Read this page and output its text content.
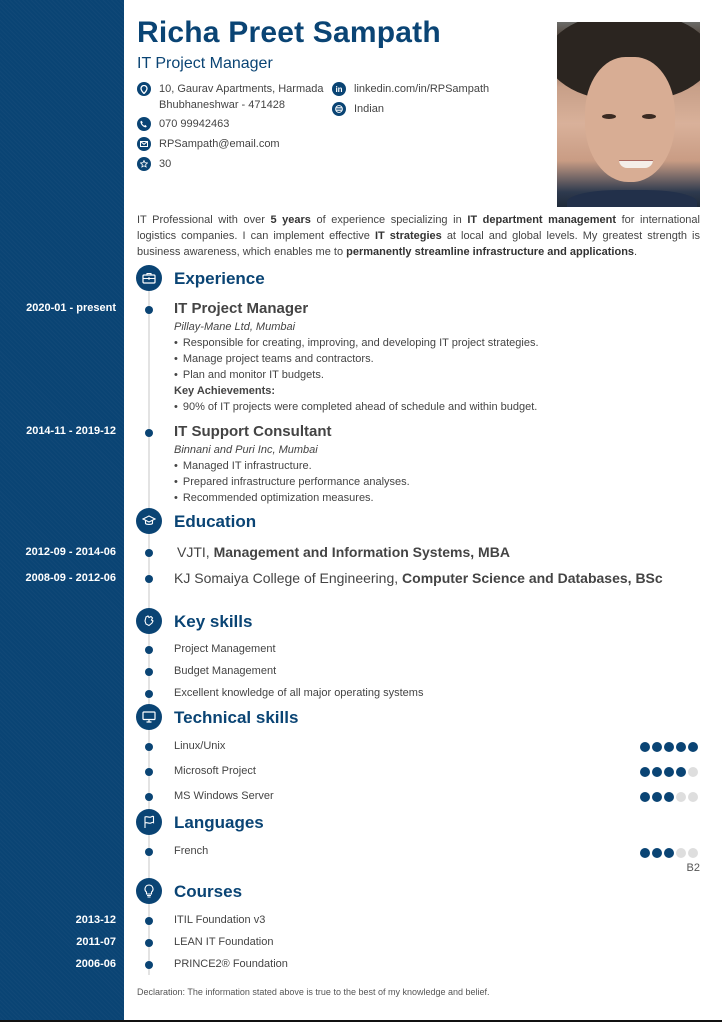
Richa Preet Sampath
IT Project Manager
10, Gaurav Apartments, Harmada
Bhubhaneshwar - 471428
070 99942463
RPSampath@email.com
30
in	linkedin.com/in/RPSampath
Indian
IT Professional with over 5 years of experience specializing in IT department management for international logistics companies. I can implement effective IT strategies at local and global levels. My greatest strength is business awareness, which enables me to permanently streamline infrastructure and applications.
Experience
2020-01 - present	IT Project Manager
Pillay-Mane Ltd, Mumbai
• Responsible for creating, improving, and developing IT project strategies.
• Manage project teams and contractors.
• Plan and monitor IT budgets.
Key Achievements:
• 90% of IT projects were completed ahead of schedule and within budget.
2014-11 - 2019-12	IT Support Consultant
Binnani and Puri Inc, Mumbai
• Managed IT infrastructure.
• Prepared infrastructure performance analyses.
• Recommended optimization measures.
Education
2012-09 - 2014-06	VJTI, Management and Information Systems, MBA
2008-09 - 2012-06	KJ Somaiya College of Engineering, Computer Science and Databases, BSc
Key skills
Project Management
Budget Management
Excellent knowledge of all major operating systems
Technical skills
Linux/Unix
Microsoft Project
MS Windows Server
Languages
French
B2
Courses
2013-12	ITIL Foundation v3
2011-07	LEAN IT Foundation
2006-06	PRINCE2® Foundation
Declaration: The information stated above is true to the best of my knowledge and belief.
